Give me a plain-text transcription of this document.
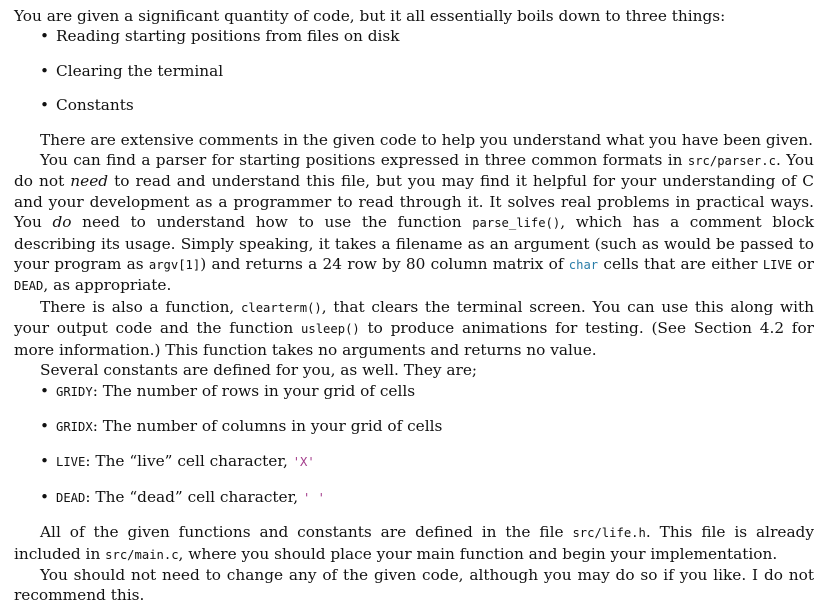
You are given a significant quantity of code, but it all essentially boils down to three things:

• Reading starting positions from files on disk
• Clearing the terminal
• Constants

There are extensive comments in the given code to help you understand what you have been given.

You can find a parser for starting positions expressed in three common formats in src/parser.c. You do not need to read and understand this file, but you may find it helpful for your understanding of C and your development as a programmer to read through it. It solves real problems in practical ways. You do need to understand how to use the function parse_life(), which has a comment block describing its usage. Simply speaking, it takes a filename as an argument (such as would be passed to your program as argv[1]) and returns a 24 row by 80 column matrix of char cells that are either LIVE or DEAD, as appropriate.

There is also a function, clearterm(), that clears the terminal screen. You can use this along with your output code and the function usleep() to produce animations for testing. (See Section 4.2 for more information.) This function takes no arguments and returns no value.

Several constants are defined for you, as well. They are;

• GRIDY: The number of rows in your grid of cells
• GRIDX: The number of columns in your grid of cells
• LIVE: The “live” cell character, 'X'
• DEAD: The “dead” cell character, ' '

All of the given functions and constants are defined in the file src/life.h. This file is already included in src/main.c, where you should place your main function and begin your implementation.

You should not need to change any of the given code, although you may do so if you like. I do not recommend this.
